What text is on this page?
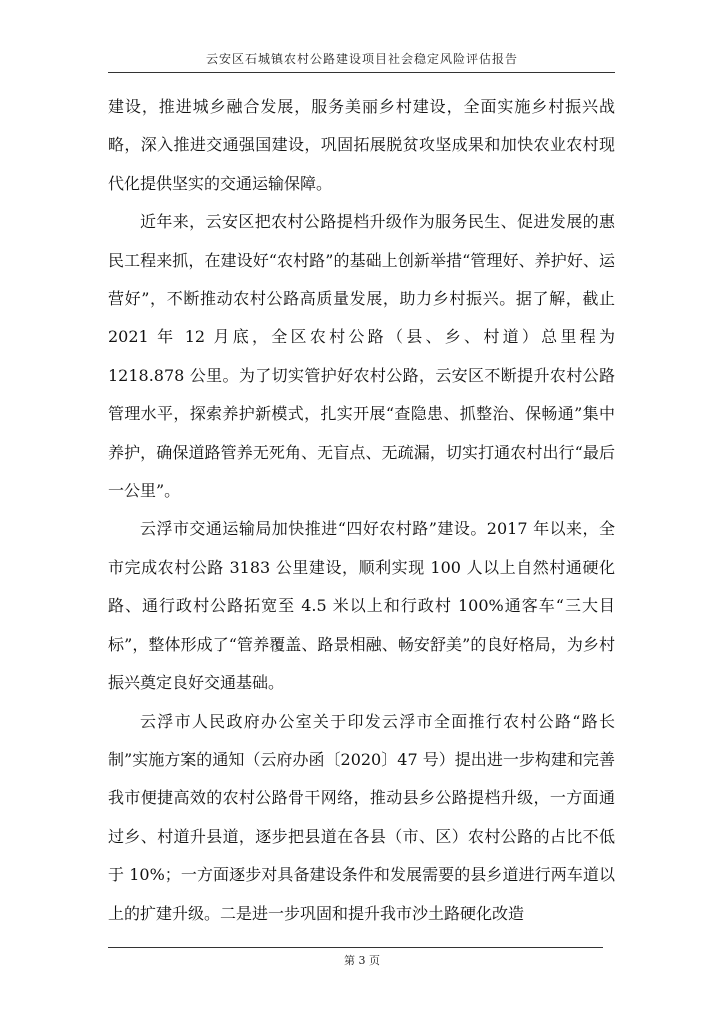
云安区石城镇农村公路建设项目社会稳定风险评估报告

建设，推进城乡融合发展，服务美丽乡村建设，全面实施乡村振兴战略，深入推进交通强国建设，巩固拓展脱贫攻坚成果和加快农业农村现代化提供坚实的交通运输保障。

近年来，云安区把农村公路提档升级作为服务民生、促进发展的惠民工程来抓，在建设好“农村路”的基础上创新举措“管理好、养护好、运营好”，不断推动农村公路高质量发展，助力乡村振兴。据了解，截止 2021 年 12 月底，全区农村公路（县、乡、村道）总里程为 1218.878 公里。为了切实管护好农村公路，云安区不断提升农村公路管理水平，探索养护新模式，扎实开展“查隐患、抓整治、保畅通”集中养护，确保道路管养无死角、无盲点、无疏漏，切实打通农村出行“最后一公里”。

云浮市交通运输局加快推进“四好农村路”建设。2017 年以来，全市完成农村公路 3183 公里建设，顺利实现 100 人以上自然村通硬化路、通行政村公路拓宽至 4.5 米以上和行政村 100%通客车“三大目标”，整体形成了“管养覆盖、路景相融、畅安舒美”的良好格局，为乡村振兴奠定良好交通基础。

云浮市人民政府办公室关于印发云浮市全面推行农村公路“路长制”实施方案的通知（云府办函〔2020〕47 号）提出进一步构建和完善我市便捷高效的农村公路骨干网络，推动县乡公路提档升级，一方面通过乡、村道升县道，逐步把县道在各县（市、区）农村公路的占比不低于 10%；一方面逐步对具备建设条件和发展需要的县乡道进行两车道以上的扩建升级。二是进一步巩固和提升我市沙土路硬化改造

第 3 页
